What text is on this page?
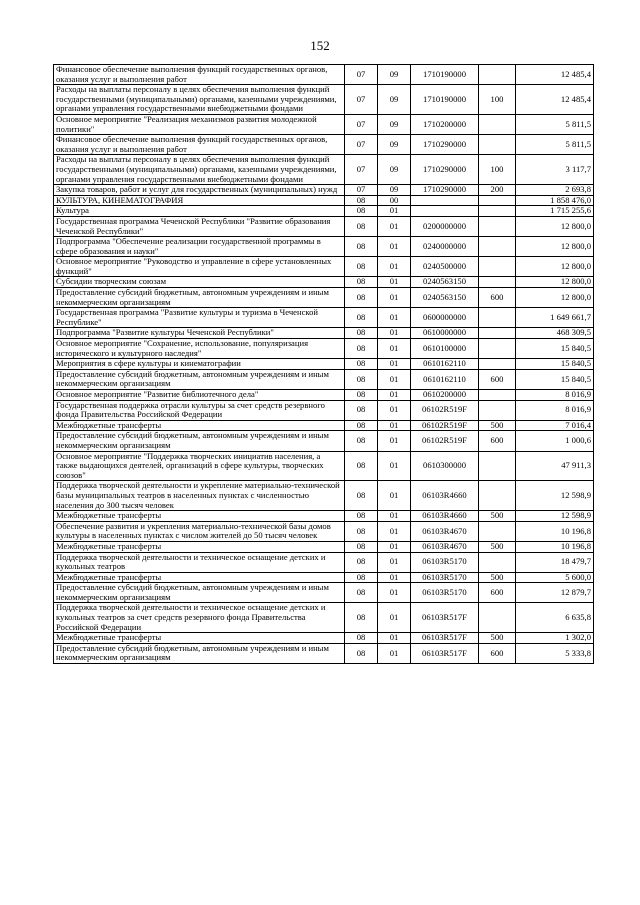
152
Финансовое обеспечение выполнения функций государственных органов, оказания услуг и выполнения работ	07	09	1710190000		12 485,4
Расходы на выплаты персоналу в целях обеспечения выполнения функций государственными (муниципальными) органами, казенными учреждениями, органами управления государственными внебюджетными фондами	07	09	1710190000	100	12 485,4
Основное мероприятие "Реализация механизмов развития молодежной политики"	07	09	1710200000		5 811,5
Финансовое обеспечение выполнения функций государственных органов, оказания услуг и выполнения работ	07	09	1710290000		5 811,5
Расходы на выплаты персоналу в целях обеспечения выполнения функций государственными (муниципальными) органами, казенными учреждениями, органами управления государственными внебюджетными фондами	07	09	1710290000	100	3 117,7
Закупка товаров, работ и услуг для государственных (муниципальных) нужд	07	09	1710290000	200	2 693,8
КУЛЬТУРА, КИНЕМАТОГРАФИЯ	08	00			1 858 476,0
Культура	08	01			1 715 255,6
Государственная программа Чеченской Республики "Развитие образования Чеченской Республики"	08	01	0200000000		12 800,0
Подпрограмма "Обеспечение реализации государственной программы в сфере образования и науки"	08	01	0240000000		12 800,0
Основное мероприятие "Руководство и управление в сфере установленных функций"	08	01	0240500000		12 800,0
Субсидии творческим союзам	08	01	0240563150		12 800,0
Предоставление субсидий бюджетным, автономным учреждениям и иным некоммерческим организациям	08	01	0240563150	600	12 800,0
Государственная программа "Развитие культуры и туризма в Чеченской Республике"	08	01	0600000000		1 649 661,7
Подпрограмма "Развитие культуры Чеченской Республики"	08	01	0610000000		468 309,5
Основное мероприятие "Сохранение, использование, популяризация исторического и культурного наследия"	08	01	0610100000		15 840,5
Мероприятия в сфере культуры и кинематографии	08	01	0610162110		15 840,5
Предоставление субсидий бюджетным, автономным учреждениям и иным некоммерческим организациям	08	01	0610162110	600	15 840,5
Основное мероприятие "Развитие библиотечного дела"	08	01	0610200000		8 016,9
Государственная поддержка отрасли культуры за счет средств резервного фонда Правительства Российской Федерации	08	01	06102R519F		8 016,9
Межбюджетные трансферты	08	01	06102R519F	500	7 016,4
Предоставление субсидий бюджетным, автономным учреждениям и иным некоммерческим организациям	08	01	06102R519F	600	1 000,6
Основное мероприятие "Поддержка творческих инициатив населения, а также выдающихся деятелей, организаций в сфере культуры, творческих союзов"	08	01	0610300000		47 911,3
Поддержка творческой деятельности и укрепление материально-технической базы муниципальных театров в населенных пунктах с численностью населения до 300 тысяч человек	08	01	06103R4660		12 598,9
Межбюджетные трансферты	08	01	06103R4660	500	12 598,9
Обеспечение развития и укрепления материально-технической базы домов культуры в населенных пунктах с числом жителей до 50 тысяч человек	08	01	06103R4670		10 196,8
Межбюджетные трансферты	08	01	06103R4670	500	10 196,8
Поддержка творческой деятельности и техническое оснащение детских и кукольных театров	08	01	06103R5170		18 479,7
Межбюджетные трансферты	08	01	06103R5170	500	5 600,0
Предоставление субсидий бюджетным, автономным учреждениям и иным некоммерческим организациям	08	01	06103R5170	600	12 879,7
Поддержка творческой деятельности и техническое оснащение детских и кукольных театров за счет средств резервного фонда Правительства Российской Федерации	08	01	06103R517F		6 635,8
Межбюджетные трансферты	08	01	06103R517F	500	1 302,0
Предоставление субсидий бюджетным, автономным учреждениям и иным некоммерческим организациям	08	01	06103R517F	600	5 333,8
